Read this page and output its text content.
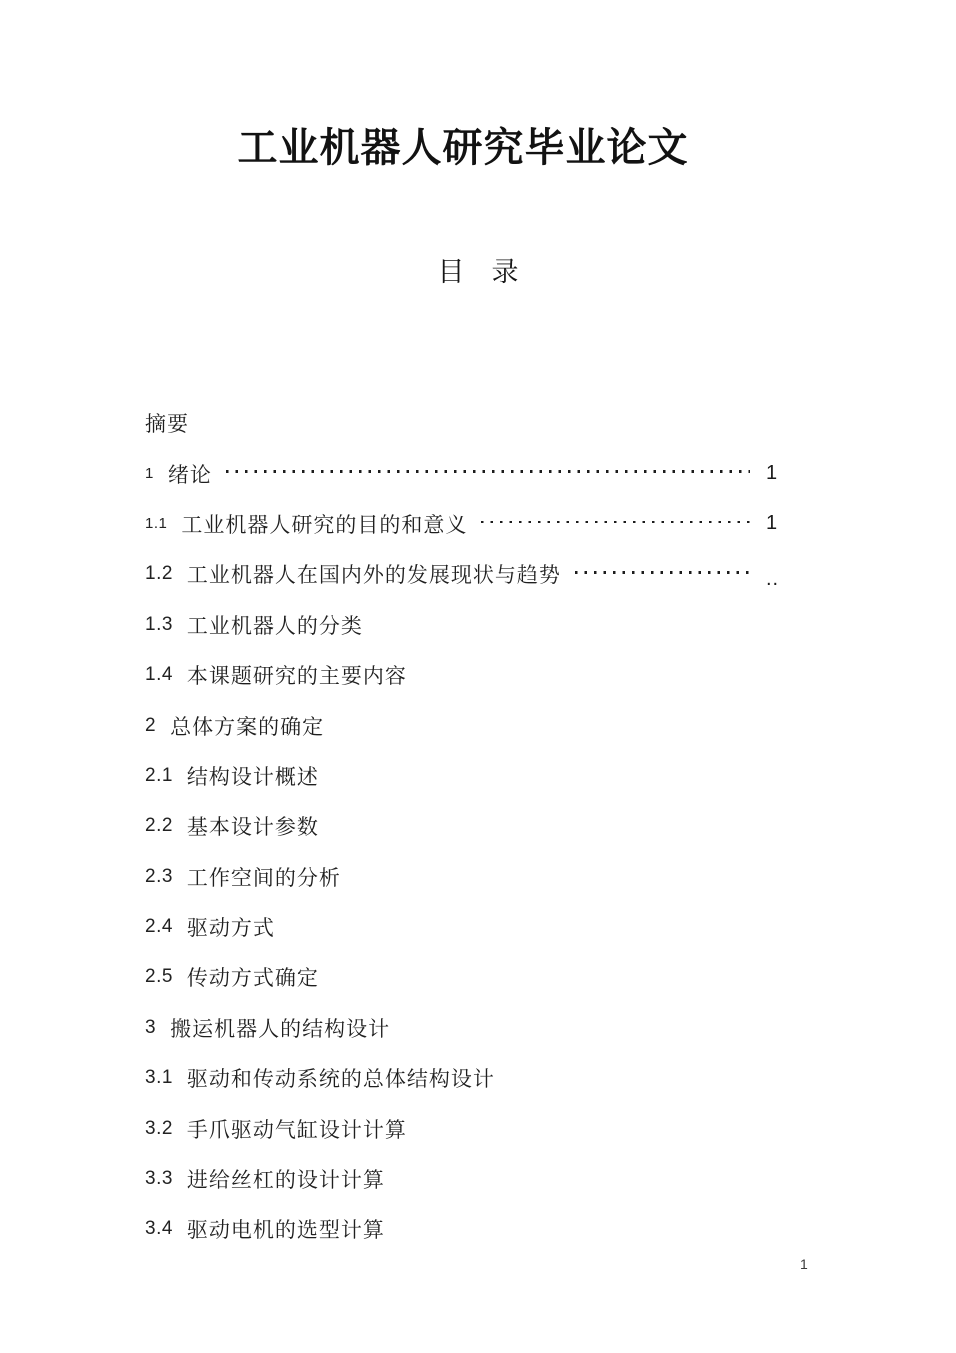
工业机器人研究毕业论文
目　录
摘要
1 绪论	1
1.1 工业机器人研究的目的和意义	1
1.2 工业机器人在国内外的发展现状与趋势	..
1.3 工业机器人的分类
1.4 本课题研究的主要内容
2 总体方案的确定
2.1 结构设计概述
2.2 基本设计参数
2.3 工作空间的分析
2.4 驱动方式
2.5 传动方式确定
3 搬运机器人的结构设计
3.1 驱动和传动系统的总体结构设计
3.2 手爪驱动气缸设计计算
3.3 进给丝杠的设计计算
3.4 驱动电机的选型计算
1
